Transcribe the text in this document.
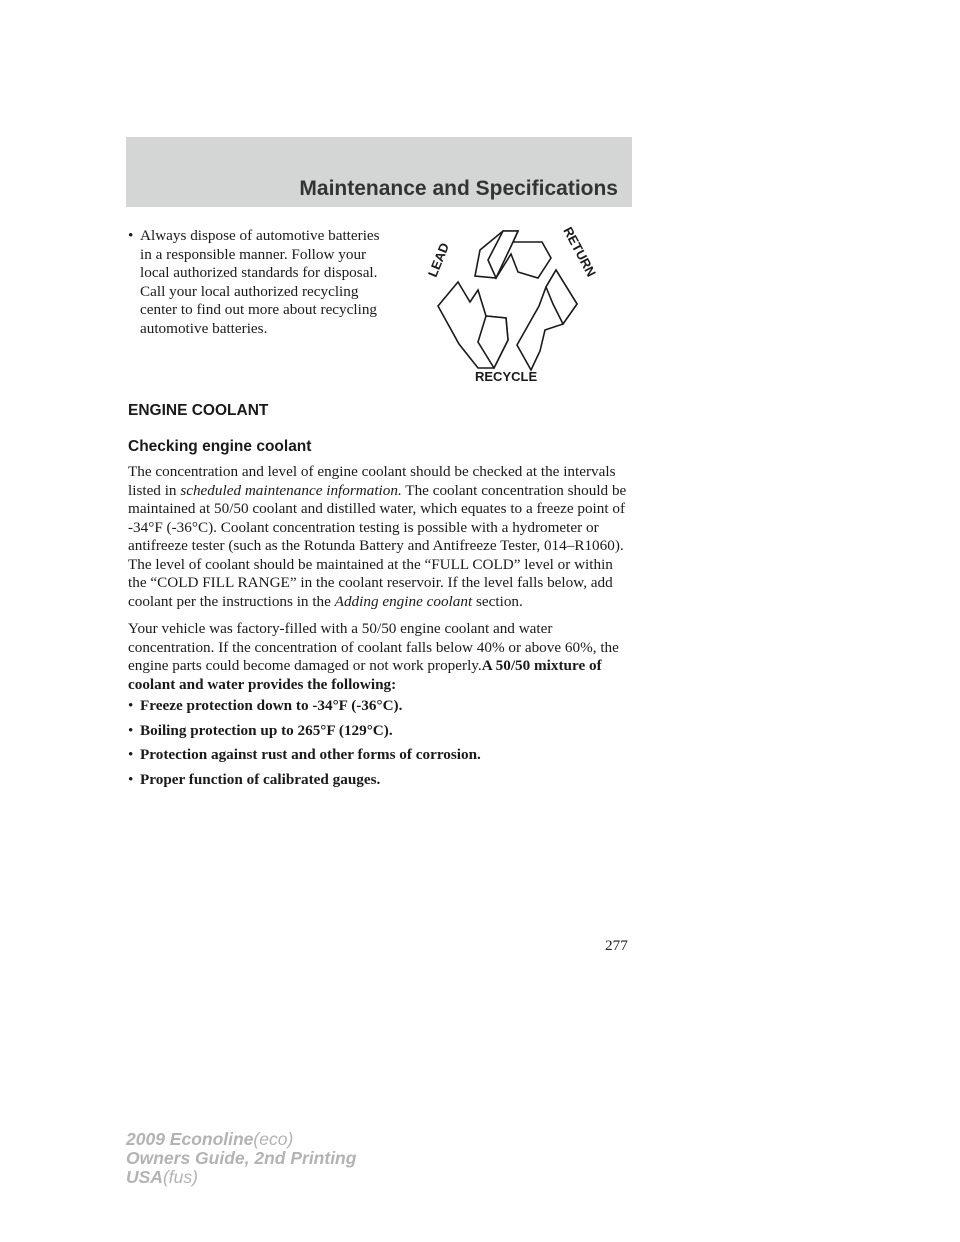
Maintenance and Specifications
• Always dispose of automotive batteries in a responsible manner. Follow your local authorized standards for disposal. Call your local authorized recycling center to find out more about recycling automotive batteries.
LEAD	RETURN
RECYCLE
ENGINE COOLANT
Checking engine coolant
The concentration and level of engine coolant should be checked at the intervals listed in scheduled maintenance information. The coolant concentration should be maintained at 50/50 coolant and distilled water, which equates to a freeze point of -34°F (-36°C). Coolant concentration testing is possible with a hydrometer or antifreeze tester (such as the Rotunda Battery and Antifreeze Tester, 014–R1060). The level of coolant should be maintained at the “FULL COLD” level or within the “COLD FILL RANGE” in the coolant reservoir. If the level falls below, add coolant per the instructions in the Adding engine coolant section.
Your vehicle was factory-filled with a 50/50 engine coolant and water concentration. If the concentration of coolant falls below 40% or above 60%, the engine parts could become damaged or not work properly.A 50/50 mixture of coolant and water provides the following:
• Freeze protection down to -34°F (-36°C).
• Boiling protection up to 265°F (129°C).
• Protection against rust and other forms of corrosion.
• Proper function of calibrated gauges.
277
2009 Econoline(eco)
Owners Guide, 2nd Printing
USA(fus)
